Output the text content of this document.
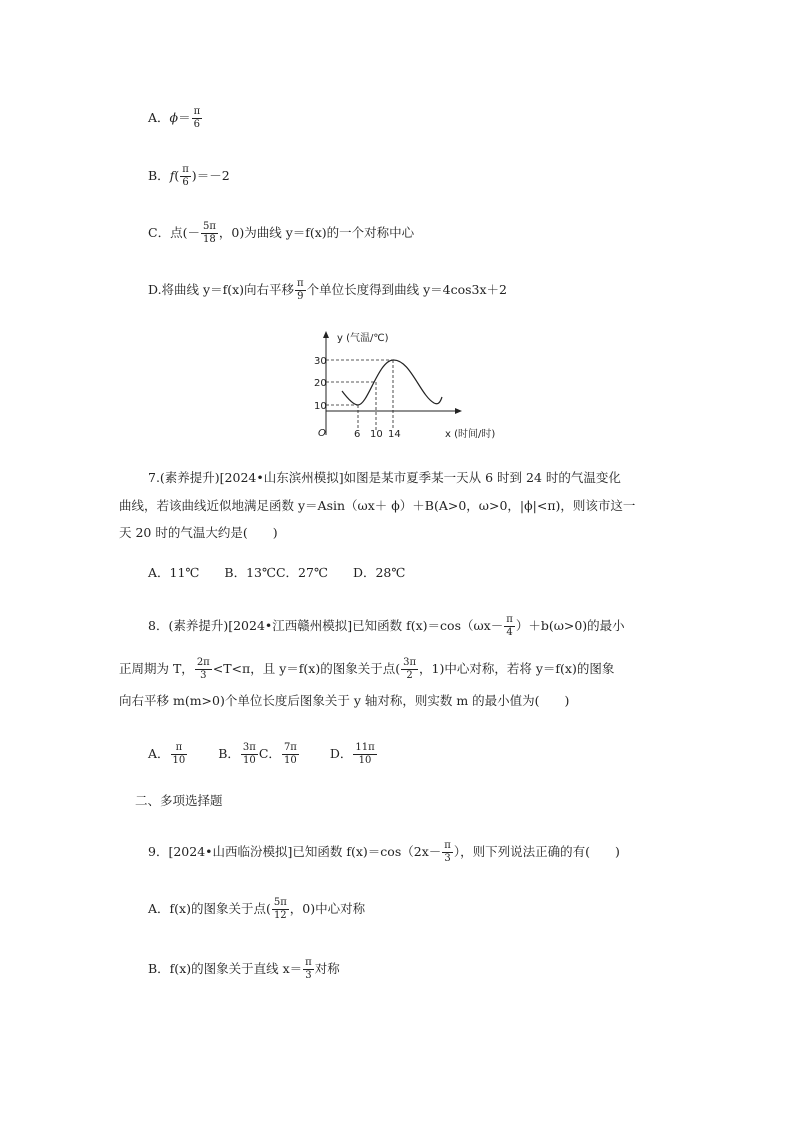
A．$\phi= \frac{\pi}{6}$
B．$f( \frac{\pi}{6} )=-2$
C．点(－ $\frac{5\pi}{18}$ ，0)为曲线 y＝f(x)的一个对称中心
D.将曲线 y＝f(x)向右平移 $\frac{\pi}{9}$ 个单位长度得到曲线 y＝4cos3x＋2
y (气温/℃)
x (时间/时)
O
30
20
10
6 10 14
7.(素养提升)[2024•山东滨州模拟]如图是某市夏季某一天从 6 时到 24 时的气温变化
曲线，若该曲线近似地满足函数 y＝Asin（ωx＋ ϕ）＋B(A>0，ω>0，|ϕ|<π)，则该市这一
天 20 时的气温大约是(　　)
A．11℃　　B．13℃C．27℃　　D．28℃
8．(素养提升)[2024•江西赣州模拟]已知函数 $f(x)=\cos(\omega x- \frac{\pi}{4} )+b(\omega>0)$的最小
正周期为 T， $\frac{2\pi}{3} <T<\pi$，且 y＝f(x)的图象关于点( $\frac{3\pi}{2}$ ，1)中心对称，若将 y＝f(x)的图象
向右平移 m(m>0)个单位长度后图象关于 y 轴对称，则实数 m 的最小值为(　　)
A． $\frac{\pi}{10}$ B． $\frac{3\pi}{10}$ C． $\frac{7\pi}{10}$ D． $\frac{11\pi}{10}$
二、多项选择题
9．[2024•山西临汾模拟]已知函数 $f(x)=\cos(2x- \frac{\pi}{3}$ ），则下列说法正确的有(　　)
A．f(x)的图象关于点( $\frac{5\pi}{12}$ ，0)中心对称
B．f(x)的图象关于直线 $x= \frac{\pi}{3}$ 对称
